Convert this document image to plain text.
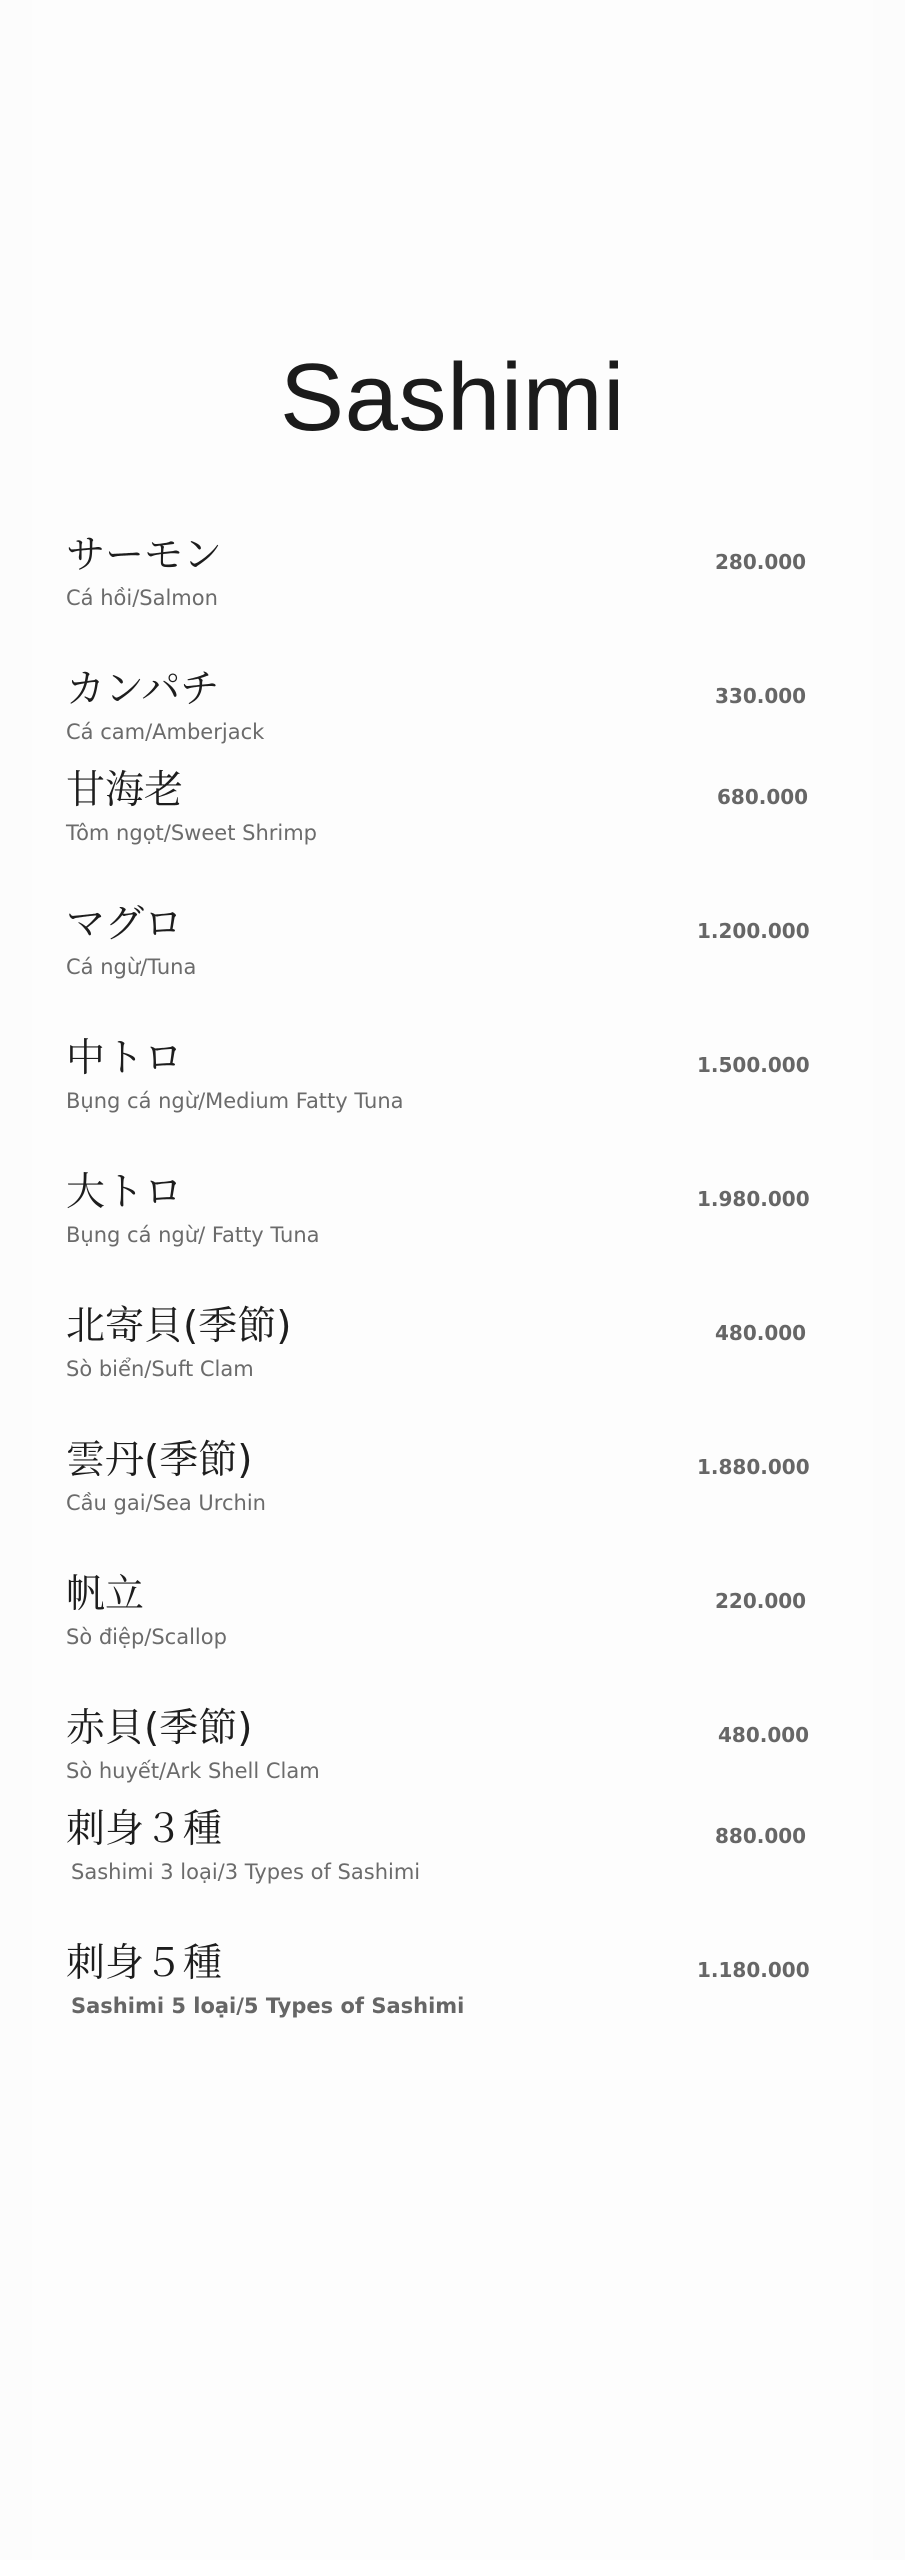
Sashimi
サーモン
Cá hồi/Salmon
280.000
カンパチ
Cá cam/Amberjack
330.000
甘海老
Tôm ngọt/Sweet Shrimp
680.000
マグロ
Cá ngừ/Tuna
1.200.000
中トロ
Bụng cá ngừ/Medium Fatty Tuna
1.500.000
大トロ
Bụng cá ngừ/ Fatty Tuna
1.980.000
北寄貝(季節)
Sò biển/Suft Clam
480.000
雲丹(季節)
Cầu gai/Sea Urchin
1.880.000
帆立
Sò điệp/Scallop
220.000
赤貝(季節)
Sò huyết/Ark Shell Clam
480.000
刺身３種
Sashimi 3 loại/3 Types of Sashimi
880.000
刺身５種
Sashimi 5 loại/5 Types of Sashimi
1.180.000
